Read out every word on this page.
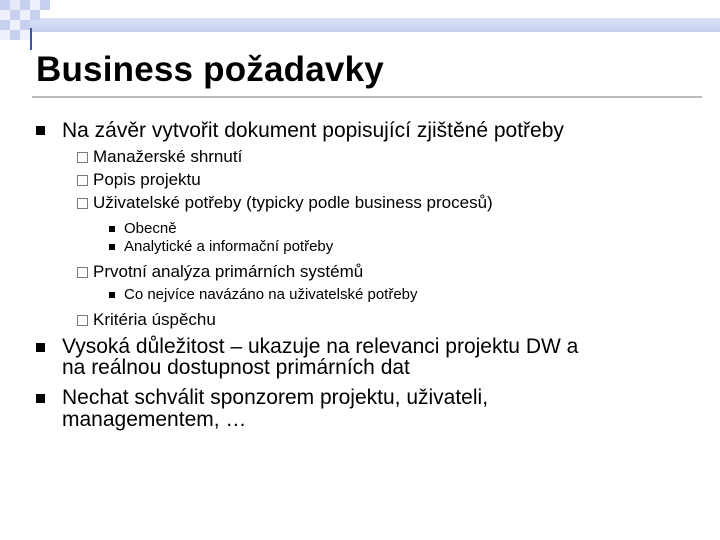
Business požadavky
Na závěr vytvořit dokument popisující zjištěné potřeby
Manažerské shrnutí
Popis projektu
Uživatelské potřeby (typicky podle business procesů)
Obecně
Analytické a informační potřeby
Prvotní analýza primárních systémů
Co nejvíce navázáno na uživatelské potřeby
Kritéria úspěchu
Vysoká důležitost – ukazuje na relevanci projektu DW a
na reálnou dostupnost primárních dat
Nechat schválit sponzorem projektu, uživateli,
managementem, …
